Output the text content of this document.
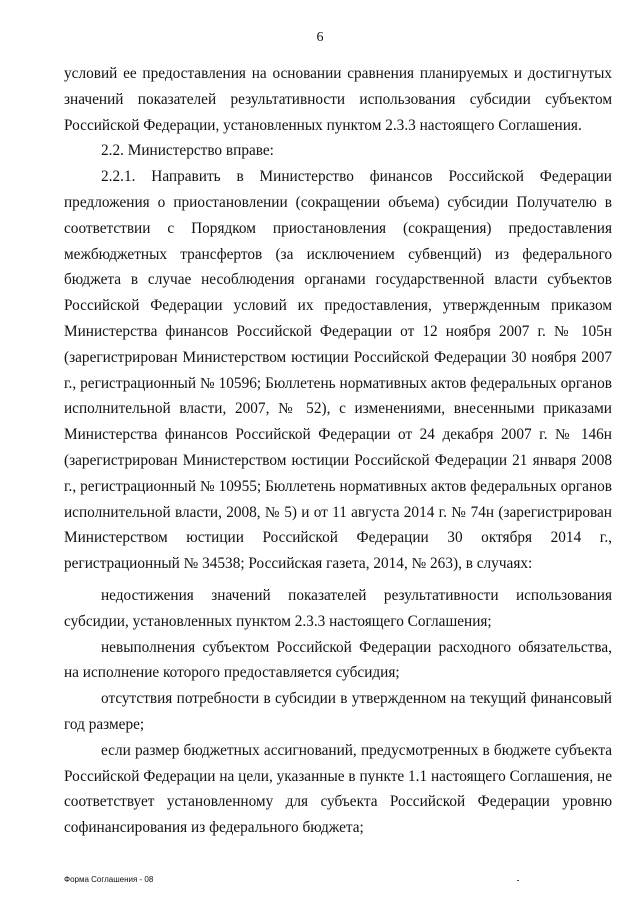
6

условий ее предоставления на основании сравнения планируемых и достигнутых значений показателей результативности использования субсидии субъектом Российской Федерации, установленных пунктом 2.3.3 настоящего Соглашения.

2.2. Министерство вправе:

2.2.1. Направить в Министерство финансов Российской Федерации предложения о приостановлении (сокращении объема) субсидии Получателю в соответствии с Порядком приостановления (сокращения) предоставления межбюджетных трансфертов (за исключением субвенций) из федерального бюджета в случае несоблюдения органами государственной власти субъектов Российской Федерации условий их предоставления, утвержденным приказом Министерства финансов Российской Федерации от 12 ноября 2007 г. № 105н (зарегистрирован Министерством юстиции Российской Федерации 30 ноября 2007 г., регистрационный № 10596; Бюллетень нормативных актов федеральных органов исполнительной власти, 2007, № 52), с изменениями, внесенными приказами Министерства финансов Российской Федерации от 24 декабря 2007 г. № 146н (зарегистрирован Министерством юстиции Российской Федерации 21 января 2008 г., регистрационный № 10955; Бюллетень нормативных актов федеральных органов исполнительной власти, 2008, № 5) и от 11 августа 2014 г. № 74н (зарегистрирован Министерством юстиции Российской Федерации 30 октября 2014 г., регистрационный № 34538; Российская газета, 2014, № 263), в случаях:

недостижения значений показателей результативности использования субсидии, установленных пунктом 2.3.3 настоящего Соглашения;

невыполнения субъектом Российской Федерации расходного обязательства, на исполнение которого предоставляется субсидия;

отсутствия потребности в субсидии в утвержденном на текущий финансовый год размере;

если размер бюджетных ассигнований, предусмотренных в бюджете субъекта Российской Федерации на цели, указанные в пункте 1.1 настоящего Соглашения, не соответствует установленному для субъекта Российской Федерации уровню софинансирования из федерального бюджета;

Форма Соглашения - 08
